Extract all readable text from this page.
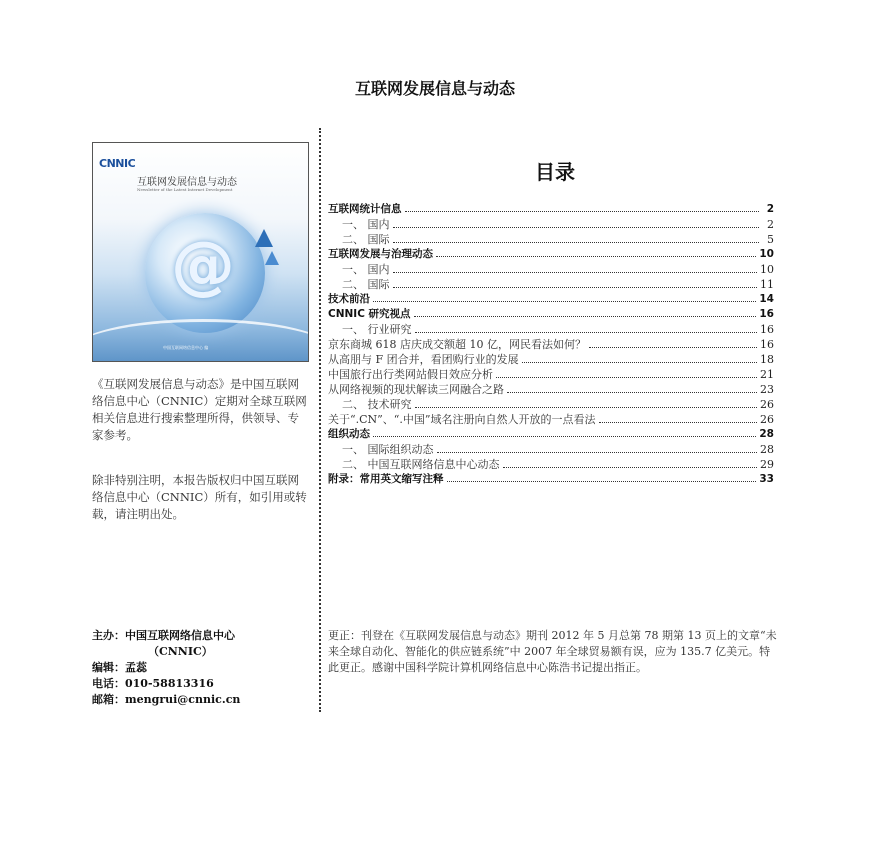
互联网发展信息与动态
CNNIC
互联网发展信息与动态
Newsletter of the Latest Internet Development
@
中国互联网络信息中心 编
《互联网发展信息与动态》是中国互联网络信息中心（CNNIC）定期对全球互联网相关信息进行搜索整理所得，供领导、专家参考。
除非特别注明，本报告版权归中国互联网络信息中心（CNNIC）所有，如引用或转载，请注明出处。
主办：中国互联网络信息中心
（CNNIC）
编辑：孟蕊
电话：010-58813316
邮箱：mengrui@cnnic.cn
目录
互联网统计信息	2
一、 国内	2
二、 国际	5
互联网发展与治理动态	10
一、 国内	10
二、 国际	11
技术前沿	14
CNNIC 研究视点	16
一、 行业研究	16
京东商城 618 店庆成交额超 10 亿，网民看法如何？	16
从高朋与 F 团合并，看团购行业的发展	18
中国旅行出行类网站假日效应分析	21
从网络视频的现状解读三网融合之路	23
二、 技术研究	26
关于“.CN”、“.中国”域名注册向自然人开放的一点看法	26
组织动态	28
一、 国际组织动态	28
二、 中国互联网络信息中心动态	29
附录：常用英文缩写注释	33
更正：刊登在《互联网发展信息与动态》期刊 2012 年 5 月总第 78 期第 13 页上的文章“未来全球自动化、智能化的供应链系统”中 2007 年全球贸易额有误，应为 135.7 亿美元。特此更正。感谢中国科学院计算机网络信息中心陈浩书记提出指正。
